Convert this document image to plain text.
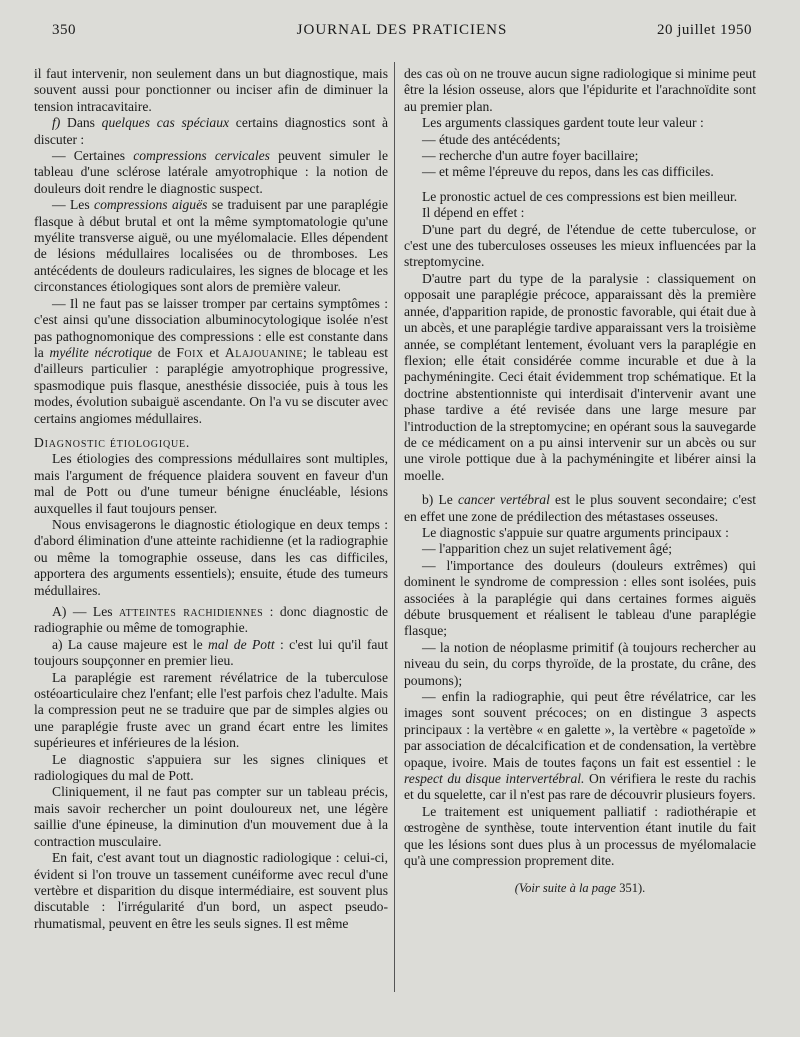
350	JOURNAL DES PRATICIENS	20 juillet 1950

il faut intervenir, non seulement dans un but diagnostique, mais souvent aussi pour ponctionner ou inciser afin de diminuer la tension intracavitaire.

f) Dans quelques cas spéciaux certains diagnostics sont à discuter :

— Certaines compressions cervicales peuvent simuler le tableau d'une sclérose latérale amyotrophique : la notion de douleurs doit rendre le diagnostic suspect.

— Les compressions aiguës se traduisent par une paraplégie flasque à début brutal et ont la même symptomatologie qu'une myélite transverse aiguë, ou une myélomalacie. Elles dépendent de lésions médullaires localisées ou de thromboses. Les antécédents de douleurs radiculaires, les signes de blocage et les circonstances étiologiques sont alors de première valeur.

— Il ne faut pas se laisser tromper par certains symptômes : c'est ainsi qu'une dissociation albuminocytologique isolée n'est pas pathognomonique des compressions : elle est constante dans la myélite nécrotique de Foix et Alajouanine; le tableau est d'ailleurs particulier : paraplégie amyotrophique progressive, spasmodique puis flasque, anesthésie dissociée, puis à tous les modes, évolution subaiguë ascendante. On l'a vu se discuter avec certains angiomes médullaires.

Diagnostic étiologique.

Les étiologies des compressions médullaires sont multiples, mais l'argument de fréquence plaidera souvent en faveur d'un mal de Pott ou d'une tumeur bénigne énucléable, lésions auxquelles il faut toujours penser.

Nous envisagerons le diagnostic étiologique en deux temps : d'abord élimination d'une atteinte rachidienne (et la radiographie ou même la tomographie osseuse, dans les cas difficiles, apportera des arguments essentiels); ensuite, étude des tumeurs médullaires.

A) — Les atteintes rachidiennes : donc diagnostic de radiographie ou même de tomographie.

a) La cause majeure est le mal de Pott : c'est lui qu'il faut toujours soupçonner en premier lieu.

La paraplégie est rarement révélatrice de la tuberculose ostéoarticulaire chez l'enfant; elle l'est parfois chez l'adulte. Mais la compression peut ne se traduire que par de simples algies ou une paraplégie fruste avec un grand écart entre les limites supérieures et inférieures de la lésion.

Le diagnostic s'appuiera sur les signes cliniques et radiologiques du mal de Pott.

Cliniquement, il ne faut pas compter sur un tableau précis, mais savoir rechercher un point douloureux net, une légère saillie d'une épineuse, la diminution d'un mouvement due à la contraction musculaire.

En fait, c'est avant tout un diagnostic radiologique : celui-ci, évident si l'on trouve un tassement cunéiforme avec recul d'une vertèbre et disparition du disque intermédiaire, est souvent plus discutable : l'irrégularité d'un bord, un aspect pseudo-rhumatismal, peuvent en être les seuls signes. Il est même

des cas où on ne trouve aucun signe radiologique si minime peut être la lésion osseuse, alors que l'épidurite et l'arachnoïdite sont au premier plan.

Les arguments classiques gardent toute leur valeur :

— étude des antécédents;

— recherche d'un autre foyer bacillaire;

— et même l'épreuve du repos, dans les cas difficiles.

Le pronostic actuel de ces compressions est bien meilleur.

Il dépend en effet :

D'une part du degré, de l'étendue de cette tuberculose, or c'est une des tuberculoses osseuses les mieux influencées par la streptomycine.

D'autre part du type de la paralysie : classiquement on opposait une paraplégie précoce, apparaissant dès la première année, d'apparition rapide, de pronostic favorable, qui était due à un abcès, et une paraplégie tardive apparaissant vers la troisième année, se complétant lentement, évoluant vers la paraplégie en flexion; elle était considérée comme incurable et due à la pachyméningite. Ceci était évidemment trop schématique. Et la doctrine abstentionniste qui interdisait d'intervenir avant une phase tardive a été revisée dans une large mesure par l'introduction de la streptomycine; en opérant sous la sauvegarde de ce médicament on a pu ainsi intervenir sur un abcès ou sur une virole pottique due à la pachyméningite et libérer ainsi la moelle.

b) Le cancer vertébral est le plus souvent secondaire; c'est en effet une zone de prédilection des métastases osseuses.

Le diagnostic s'appuie sur quatre arguments principaux :

— l'apparition chez un sujet relativement âgé;

— l'importance des douleurs (douleurs extrêmes) qui dominent le syndrome de compression : elles sont isolées, puis associées à la paraplégie qui dans certaines formes aiguës débute brusquement et réalisent le tableau d'une paraplégie flasque;

— la notion de néoplasme primitif (à toujours rechercher au niveau du sein, du corps thyroïde, de la prostate, du crâne, des poumons);

— enfin la radiographie, qui peut être révélatrice, car les images sont souvent précoces; on en distingue 3 aspects principaux : la vertèbre « en galette », la vertèbre « pagetoïde » par association de décalcification et de condensation, la vertèbre opaque, ivoire. Mais de toutes façons un fait est essentiel : le respect du disque intervertébral. On vérifiera le reste du rachis et du squelette, car il n'est pas rare de découvrir plusieurs foyers.

Le traitement est uniquement palliatif : radiothérapie et œstrogène de synthèse, toute intervention étant inutile du fait que les lésions sont dues plus à un processus de myélomalacie qu'à une compression proprement dite.

(Voir suite à la page 351).
